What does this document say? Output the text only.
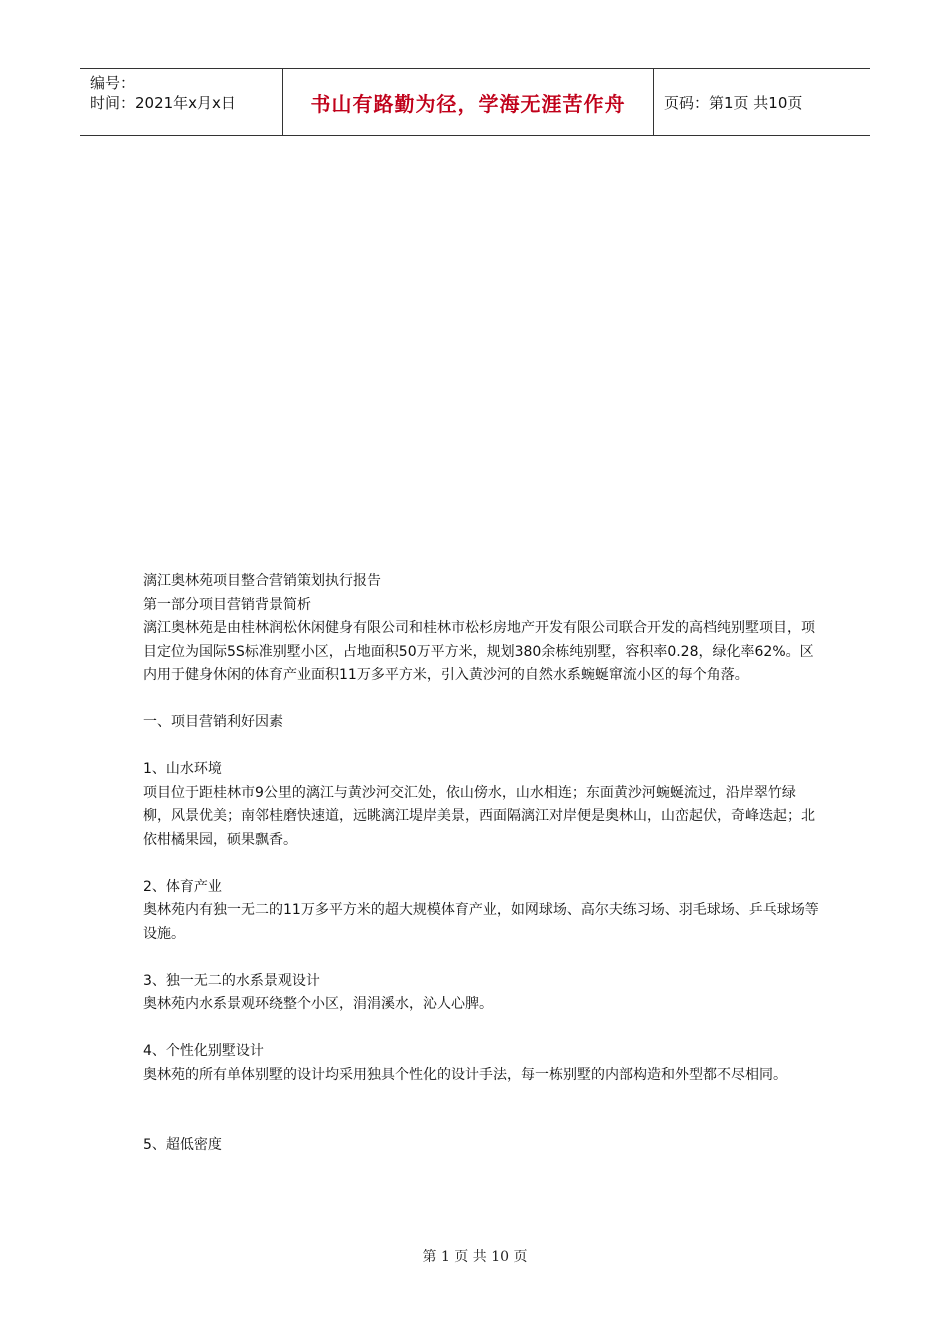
编号：
时间：2021年x月x日	书山有路勤为径，学海无涯苦作舟	页码：第1页 共10页

漓江奥林苑项目整合营销策划执行报告

第一部分项目营销背景简析

漓江奥林苑是由桂林润松休闲健身有限公司和桂林市松杉房地产开发有限公司联合开发的高档纯别墅项目，项目定位为国际5S标准别墅小区，占地面积50万平方米，规划380余栋纯别墅，容积率0.28，绿化率62%。区内用于健身休闲的体育产业面积11万多平方米，引入黄沙河的自然水系蜿蜒窜流小区的每个角落。

一、项目营销利好因素

1、山水环境

项目位于距桂林市9公里的漓江与黄沙河交汇处，依山傍水，山水相连；东面黄沙河蜿蜒流过，沿岸翠竹绿柳，风景优美；南邻桂磨快速道，远眺漓江堤岸美景，西面隔漓江对岸便是奥林山，山峦起伏，奇峰迭起；北依柑橘果园，硕果飘香。

2、体育产业

奥林苑内有独一无二的11万多平方米的超大规模体育产业，如网球场、高尔夫练习场、羽毛球场、乒乓球场等设施。

3、独一无二的水系景观设计

奥林苑内水系景观环绕整个小区，涓涓溪水，沁人心脾。

4、个性化别墅设计

奥林苑的所有单体别墅的设计均采用独具个性化的设计手法，每一栋别墅的内部构造和外型都不尽相同。

5、超低密度

第 1 页 共 10 页
